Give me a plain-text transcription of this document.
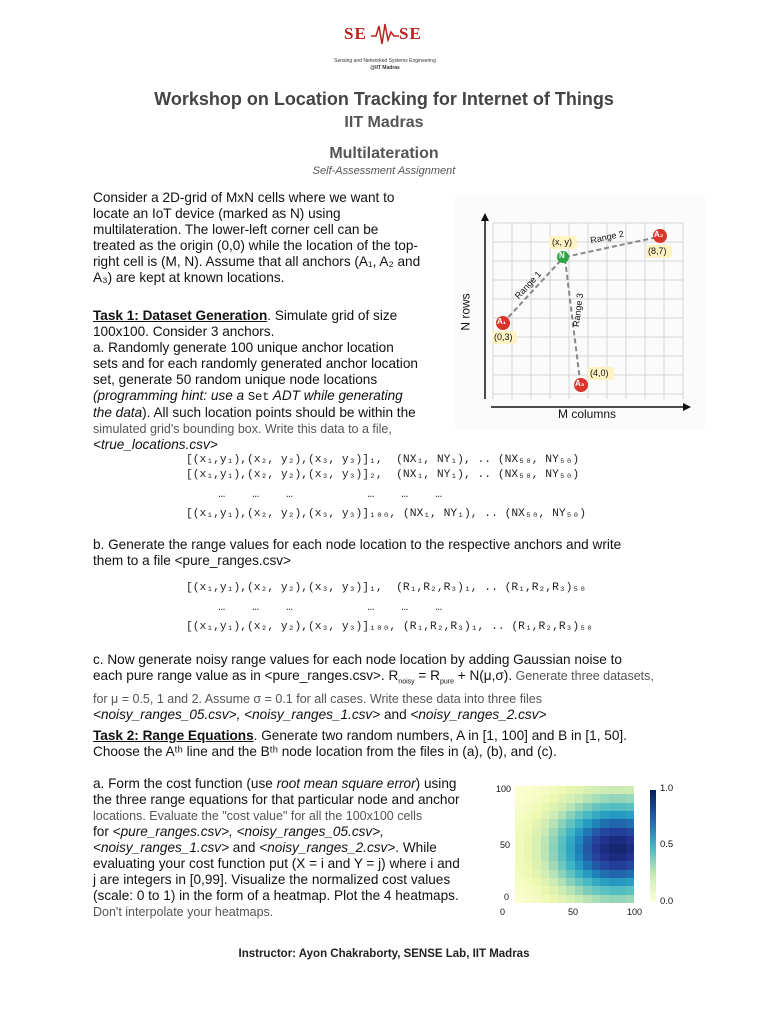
SE SE
Sensing and Networked Systems Engineering
@IIT Madras
Workshop on Location Tracking for Internet of Things
IIT Madras
Multilateration
Self-Assessment Assignment
Consider a 2D-grid of MxN cells where we want to
locate an IoT device (marked as N) using
multilateration. The lower-left corner cell can be
treated as the origin (0,0) while the location of the top-
right cell is (M, N). Assume that all anchors (A₁, A₂ and
A₃) are kept at known locations.
N rows
M columns
N
(x, y)
A₁
(0,3)
A₂
(8,7)
A₃
(4,0)
Range 1
Range 2
Range 3
Task 1: Dataset Generation. Simulate grid of size
100x100. Consider 3 anchors.
a. Randomly generate 100 unique anchor location
sets and for each randomly generated anchor location
set, generate 50 random unique node locations
(programming hint: use a Set ADT while generating
the data). All such location points should be within the
simulated grid's bounding box. Write this data to a file,
<true_locations.csv>
[(x₁,y₁),(x₂, y₂),(x₃, y₃)]₁,  (NX₁, NY₁), .. (NX₅₀, NY₅₀)
[(x₁,y₁),(x₂, y₂),(x₃, y₃)]₂,  (NX₁, NY₁), .. (NX₅₀, NY₅₀)
…    …    …           …    …    …
[(x₁,y₁),(x₂, y₂),(x₃, y₃)]₁₀₀, (NX₁, NY₁), .. (NX₅₀, NY₅₀)
b. Generate the range values for each node location to the respective anchors and write
them to a file <pure_ranges.csv>
[(x₁,y₁),(x₂, y₂),(x₃, y₃)]₁,  (R₁,R₂,R₃)₁, .. (R₁,R₂,R₃)₅₀
…    …    …           …    …    …
[(x₁,y₁),(x₂, y₂),(x₃, y₃)]₁₀₀, (R₁,R₂,R₃)₁, .. (R₁,R₂,R₃)₅₀
c. Now generate noisy range values for each node location by adding Gaussian noise to
each pure range value as in <pure_ranges.csv>. $R_{noisy} = R_{pure} + N(\mu,\sigma)$. Generate three datasets,
for μ = 0.5, 1 and 2. Assume σ = 0.1 for all cases. Write these data into three files
<noisy_ranges_05.csv>, <noisy_ranges_1.csv> and <noisy_ranges_2.csv>
Task 2: Range Equations. Generate two random numbers, A in [1, 100] and B in [1, 50].
Choose the Aᵗʰ line and the Bᵗʰ node location from the files in (a), (b), and (c).
a. Form the cost function (use root mean square error) using
the three range equations for that particular node and anchor
locations. Evaluate the "cost value" for all the 100x100 cells
for <pure_ranges.csv>, <noisy_ranges_05.csv>,
<noisy_ranges_1.csv> and <noisy_ranges_2.csv>. While
evaluating your cost function put (X = i and Y = j) where i and
j are integers in [0,99]. Visualize the normalized cost values
(scale: 0 to 1) in the form of a heatmap. Plot the 4 heatmaps.
Don't interpolate your heatmaps.
100
50
0
0	50	100
1.0
0.5
0.0
Instructor: Ayon Chakraborty, SENSE Lab, IIT Madras
